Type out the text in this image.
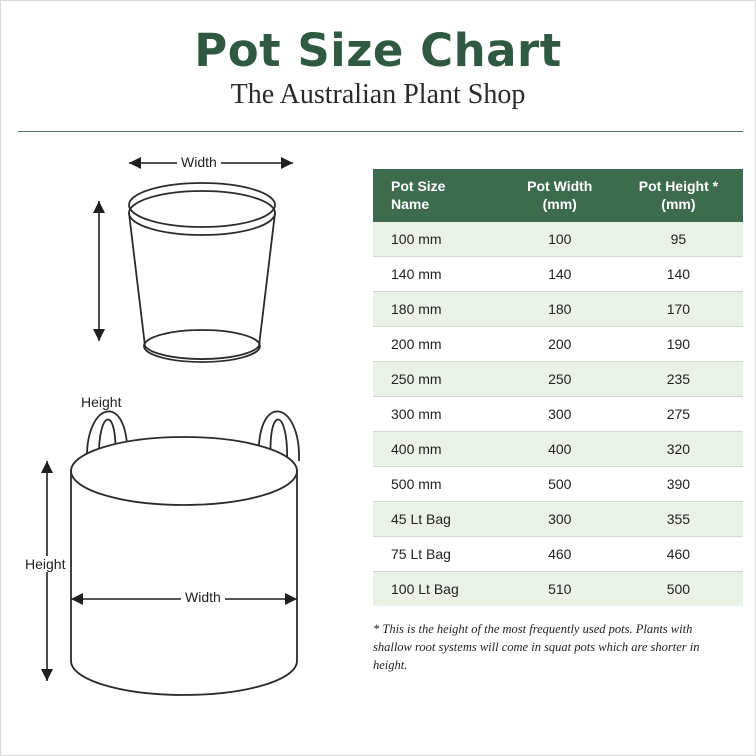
Pot Size Chart
The Australian Plant Shop
Width
Height
Height
Width
Pot Size
Name

Pot Width
(mm)

Pot Height *
(mm)

100 mm	100	95
140 mm	140	140
180 mm	180	170
200 mm	200	190
250 mm	250	235
300 mm	300	275
400 mm	400	320
500 mm	500	390
45 Lt Bag	300	355
75 Lt Bag	460	460
100 Lt Bag	510	500
* This is the height of the most frequently used pots. Plants with shallow root systems will come in squat pots which are shorter in height.
